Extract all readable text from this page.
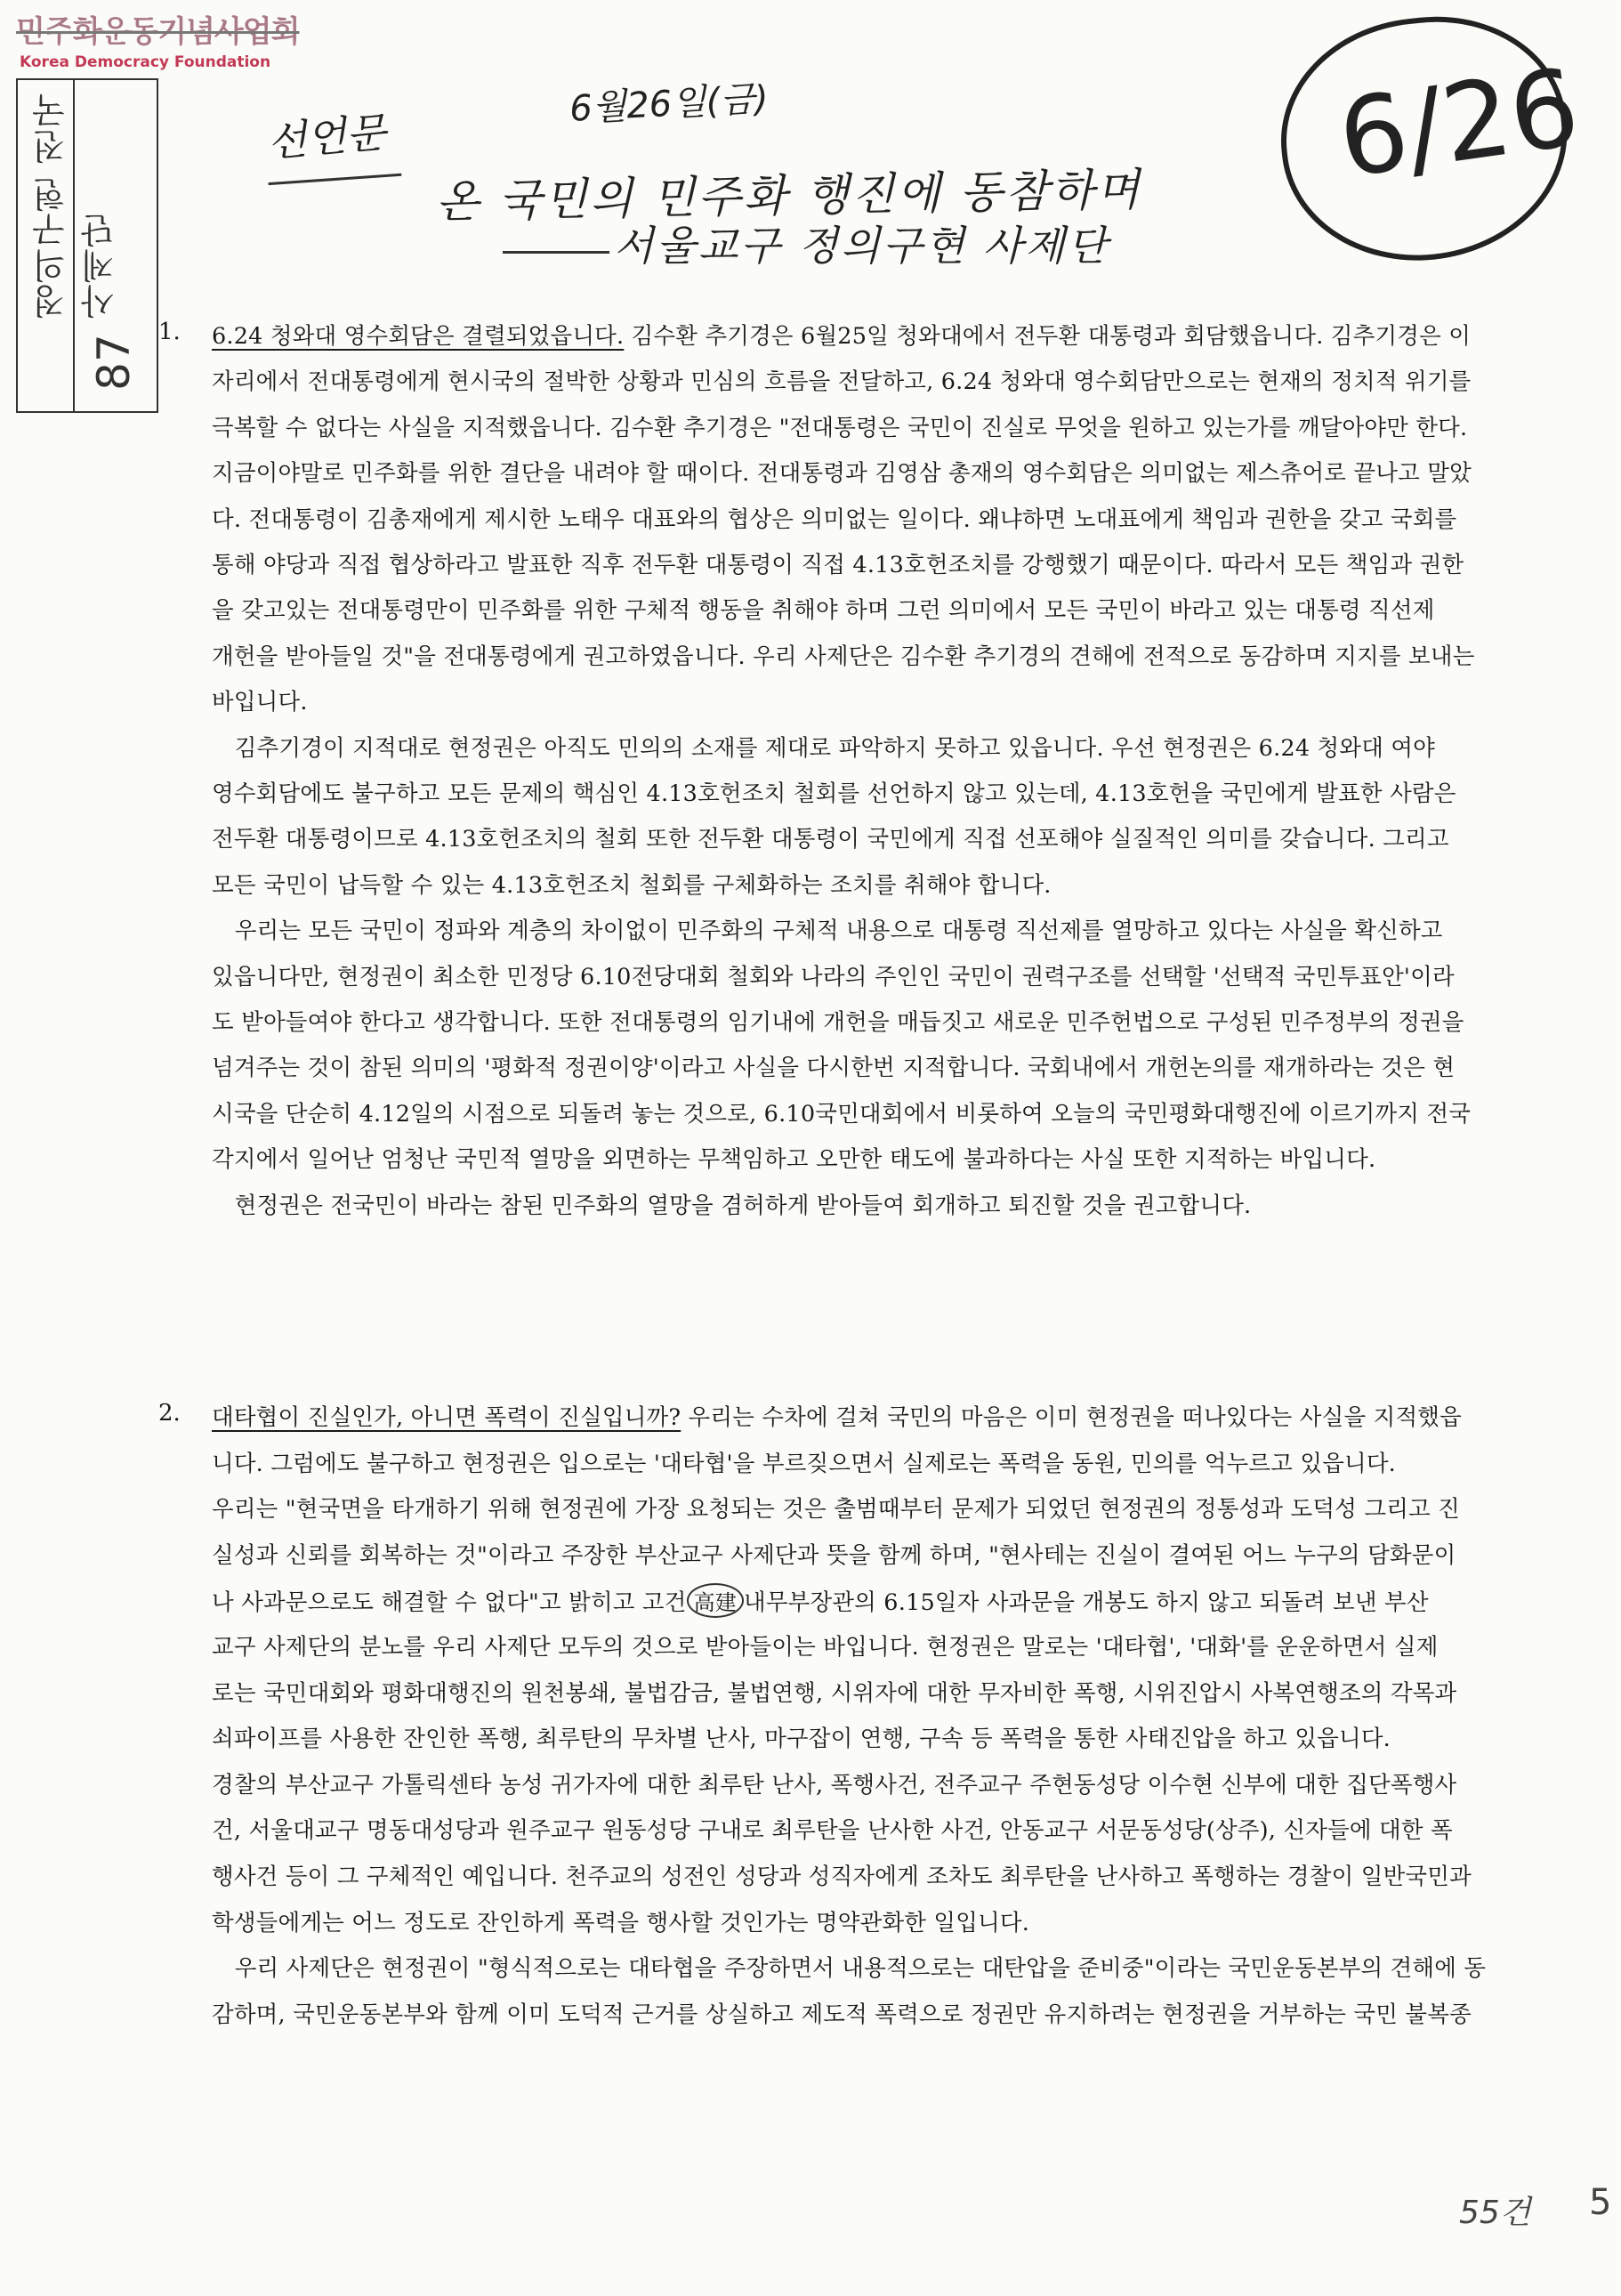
민주화운동기념사업회
Korea Democracy Foundation
정의구현 전국 사제단
87
6월26일(금)
선언문
온 국민의 민주화 행진에 동참하며
서울교구 정의구현 사제단
6/26
1. 6.24 청와대 영수회담은 결렬되었읍니다. 김수환 추기경은 6월25일 청와대에서 전두환 대통령과 회담했읍니다. 김추기경은 이
자리에서 전대통령에게 현시국의 절박한 상황과 민심의 흐름을 전달하고, 6.24 청와대 영수회담만으로는 현재의 정치적 위기를
극복할 수 없다는 사실을 지적했읍니다. 김수환 추기경은 "전대통령은 국민이 진실로 무엇을 원하고 있는가를 깨달아야만 한다.
지금이야말로 민주화를 위한 결단을 내려야 할 때이다. 전대통령과 김영삼 총재의 영수회담은 의미없는 제스츄어로 끝나고 말았
다. 전대통령이 김총재에게 제시한 노태우 대표와의 협상은 의미없는 일이다. 왜냐하면 노대표에게 책임과 권한을 갖고 국회를
통해 야당과 직접 협상하라고 발표한 직후 전두환 대통령이 직접 4.13호헌조치를 강행했기 때문이다. 따라서 모든 책임과 권한
을 갖고있는 전대통령만이 민주화를 위한 구체적 행동을 취해야 하며 그런 의미에서 모든 국민이 바라고 있는 대통령 직선제
개헌을 받아들일 것"을 전대통령에게 권고하였읍니다. 우리 사제단은 김수환 추기경의 견해에 전적으로 동감하며 지지를 보내는
바입니다.
　김추기경이 지적대로 현정권은 아직도 민의의 소재를 제대로 파악하지 못하고 있읍니다. 우선 현정권은 6.24 청와대 여야
영수회담에도 불구하고 모든 문제의 핵심인 4.13호헌조치 철회를 선언하지 않고 있는데, 4.13호헌을 국민에게 발표한 사람은
전두환 대통령이므로 4.13호헌조치의 철회 또한 전두환 대통령이 국민에게 직접 선포해야 실질적인 의미를 갖습니다. 그리고
모든 국민이 납득할 수 있는 4.13호헌조치 철회를 구체화하는 조치를 취해야 합니다.
　우리는 모든 국민이 정파와 계층의 차이없이 민주화의 구체적 내용으로 대통령 직선제를 열망하고 있다는 사실을 확신하고
있읍니다만, 현정권이 최소한 민정당 6.10전당대회 철회와 나라의 주인인 국민이 권력구조를 선택할 '선택적 국민투표안'이라
도 받아들여야 한다고 생각합니다. 또한 전대통령의 임기내에 개헌을 매듭짓고 새로운 민주헌법으로 구성된 민주정부의 정권을
넘겨주는 것이 참된 의미의 '평화적 정권이양'이라고 사실을 다시한번 지적합니다. 국회내에서 개헌논의를 재개하라는 것은 현
시국을 단순히 4.12일의 시점으로 되돌려 놓는 것으로, 6.10국민대회에서 비롯하여 오늘의 국민평화대행진에 이르기까지 전국
각지에서 일어난 엄청난 국민적 열망을 외면하는 무책임하고 오만한 태도에 불과하다는 사실 또한 지적하는 바입니다.
　현정권은 전국민이 바라는 참된 민주화의 열망을 겸허하게 받아들여 회개하고 퇴진할 것을 권고합니다.
2. 대타협이 진실인가, 아니면 폭력이 진실입니까? 우리는 수차에 걸쳐 국민의 마음은 이미 현정권을 떠나있다는 사실을 지적했읍
니다. 그럼에도 불구하고 현정권은 입으로는 '대타협'을 부르짖으면서 실제로는 폭력을 동원, 민의를 억누르고 있읍니다.
우리는 "현국면을 타개하기 위해 현정권에 가장 요청되는 것은 출범때부터 문제가 되었던 현정권의 정통성과 도덕성 그리고 진
실성과 신뢰를 회복하는 것"이라고 주장한 부산교구 사제단과 뜻을 함께 하며, "현사테는 진실이 결여된 어느 누구의 담화문이
나 사과문으로도 해결할 수 없다"고 밝히고 고건 高建 내무부장관의 6.15일자 사과문을 개봉도 하지 않고 되돌려 보낸 부산
교구 사제단의 분노를 우리 사제단 모두의 것으로 받아들이는 바입니다. 현정권은 말로는 '대타협', '대화'를 운운하면서 실제
로는 국민대회와 평화대행진의 원천봉쇄, 불법감금, 불법연행, 시위자에 대한 무자비한 폭행, 시위진압시 사복연행조의 각목과
쇠파이프를 사용한 잔인한 폭행, 최루탄의 무차별 난사, 마구잡이 연행, 구속 등 폭력을 통한 사태진압을 하고 있읍니다.
경찰의 부산교구 가톨릭센타 농성 귀가자에 대한 최루탄 난사, 폭행사건, 전주교구 주현동성당 이수현 신부에 대한 집단폭행사
건, 서울대교구 명동대성당과 원주교구 원동성당 구내로 최루탄을 난사한 사건, 안동교구 서문동성당(상주), 신자들에 대한 폭
행사건 등이 그 구체적인 예입니다. 천주교의 성전인 성당과 성직자에게 조차도 최루탄을 난사하고 폭행하는 경찰이 일반국민과
학생들에게는 어느 정도로 잔인하게 폭력을 행사할 것인가는 명약관화한 일입니다.
　우리 사제단은 현정권이 "형식적으로는 대타협을 주장하면서 내용적으로는 대탄압을 준비중"이라는 국민운동본부의 견해에 동
감하며, 국민운동본부와 함께 이미 도덕적 근거를 상실하고 제도적 폭력으로 정권만 유지하려는 현정권을 거부하는 국민 불복종
55건 5
